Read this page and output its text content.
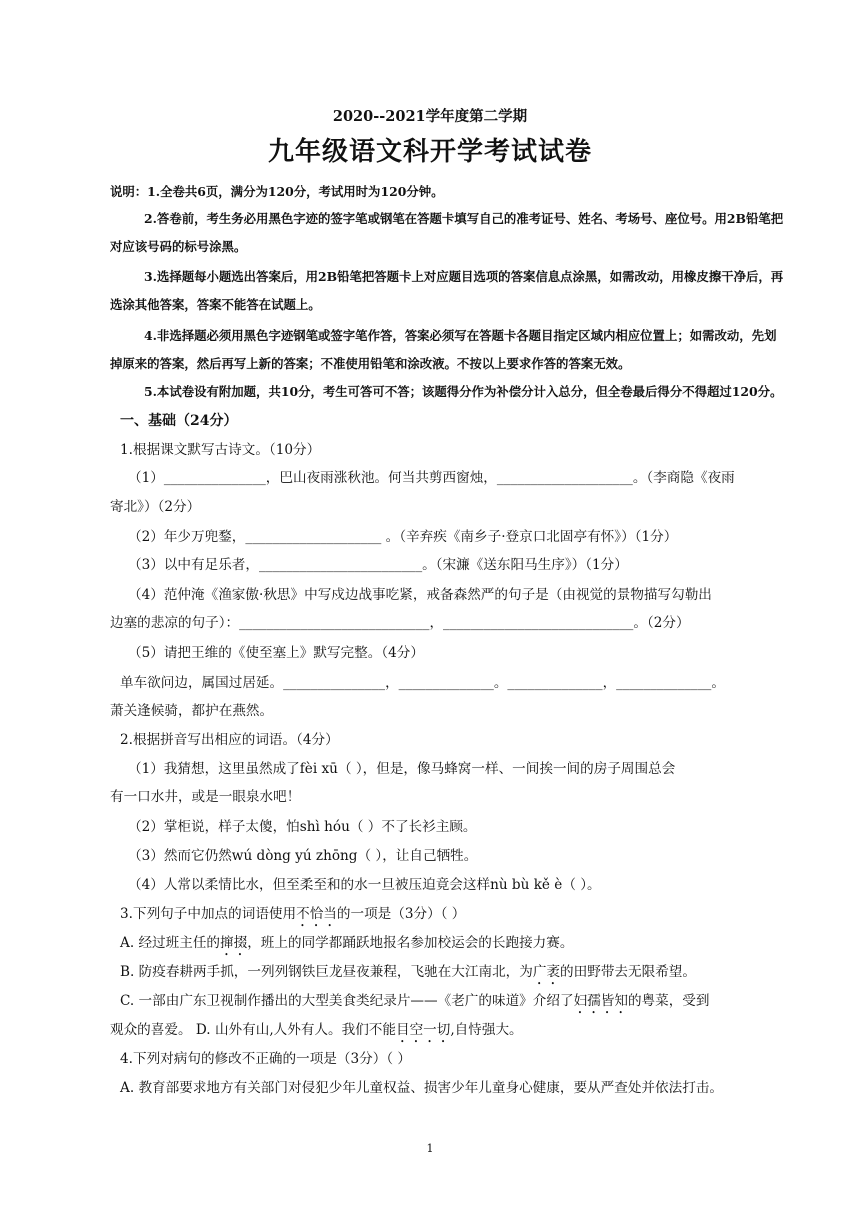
2020--2021学年度第二学期
九年级语文科开学考试试卷
说明：1.全卷共6页，满分为120分，考试用时为120分钟。
2.答卷前，考生务必用黑色字迹的签字笔或钢笔在答题卡填写自己的准考证号、姓名、考场号、座位号。用2B铅笔把
对应该号码的标号涂黑。
3.选择题每小题选出答案后，用2B铅笔把答题卡上对应题目选项的答案信息点涂黑，如需改动，用橡皮擦干净后，再
选涂其他答案，答案不能答在试题上。
4.非选择题必须用黑色字迹钢笔或签字笔作答，答案必须写在答题卡各题目指定区域内相应位置上；如需改动，先划
掉原来的答案，然后再写上新的答案；不准使用铅笔和涂改液。不按以上要求作答的答案无效。
5.本试卷设有附加题，共10分，考生可答可不答；该题得分作为补偿分计入总分，但全卷最后得分不得超过120分。
一、基础（24分）
1.根据课文默写古诗文。（10分）
（1）_______________，巴山夜雨涨秋池。何当共剪西窗烛，____________________。（李商隐《夜雨
寄北》）（2分）
（2）年少万兜鍪，____________________ 。（辛弃疾《南乡子·登京口北固亭有怀》）（1分）
（3）以中有足乐者，________________________。（宋濂《送东阳马生序》）（1分）
（4）范仲淹《渔家傲·秋思》中写戍边战事吃紧，戒备森然严的句子是（由视觉的景物描写勾勒出
边塞的悲凉的句子）：____________________________，____________________________。（2分）
（5）请把王维的《使至塞上》默写完整。（4分）
单车欲问边，属国过居延。_______________，______________。______________，______________。
萧关逢候骑，都护在燕然。
2.根据拼音写出相应的词语。（4分）
（1）我猜想，这里虽然成了fèi xū（ ），但是，像马蜂窝一样、一间挨一间的房子周围总会
有一口水井，或是一眼泉水吧！
（2）掌柜说，样子太傻，怕shì hóu（ ）不了长衫主顾。
（3）然而它仍然wú dòng yú zhōng（ ），让自己牺牲。
（4）人常以柔情比水，但至柔至和的水一旦被压迫竟会这样nù bù kě è（ ）。
3.下列句子中加点的词语使用不恰当的一项是（3分）（ ）
A. 经过班主任的撺掇，班上的同学都踊跃地报名参加校运会的长跑接力赛。
B. 防疫春耕两手抓，一列列钢铁巨龙昼夜兼程，飞驰在大江南北，为广袤的田野带去无限希望。
C. 一部由广东卫视制作播出的大型美食类纪录片——《老广的味道》介绍了妇孺皆知的粤菜，受到
观众的喜爱。 D. 山外有山,人外有人。我们不能目空一切,自恃强大。
4.下列对病句的修改不正确的一项是（3分）（ ）
A. 教育部要求地方有关部门对侵犯少年儿童权益、损害少年儿童身心健康，要从严查处并依法打击。
1
